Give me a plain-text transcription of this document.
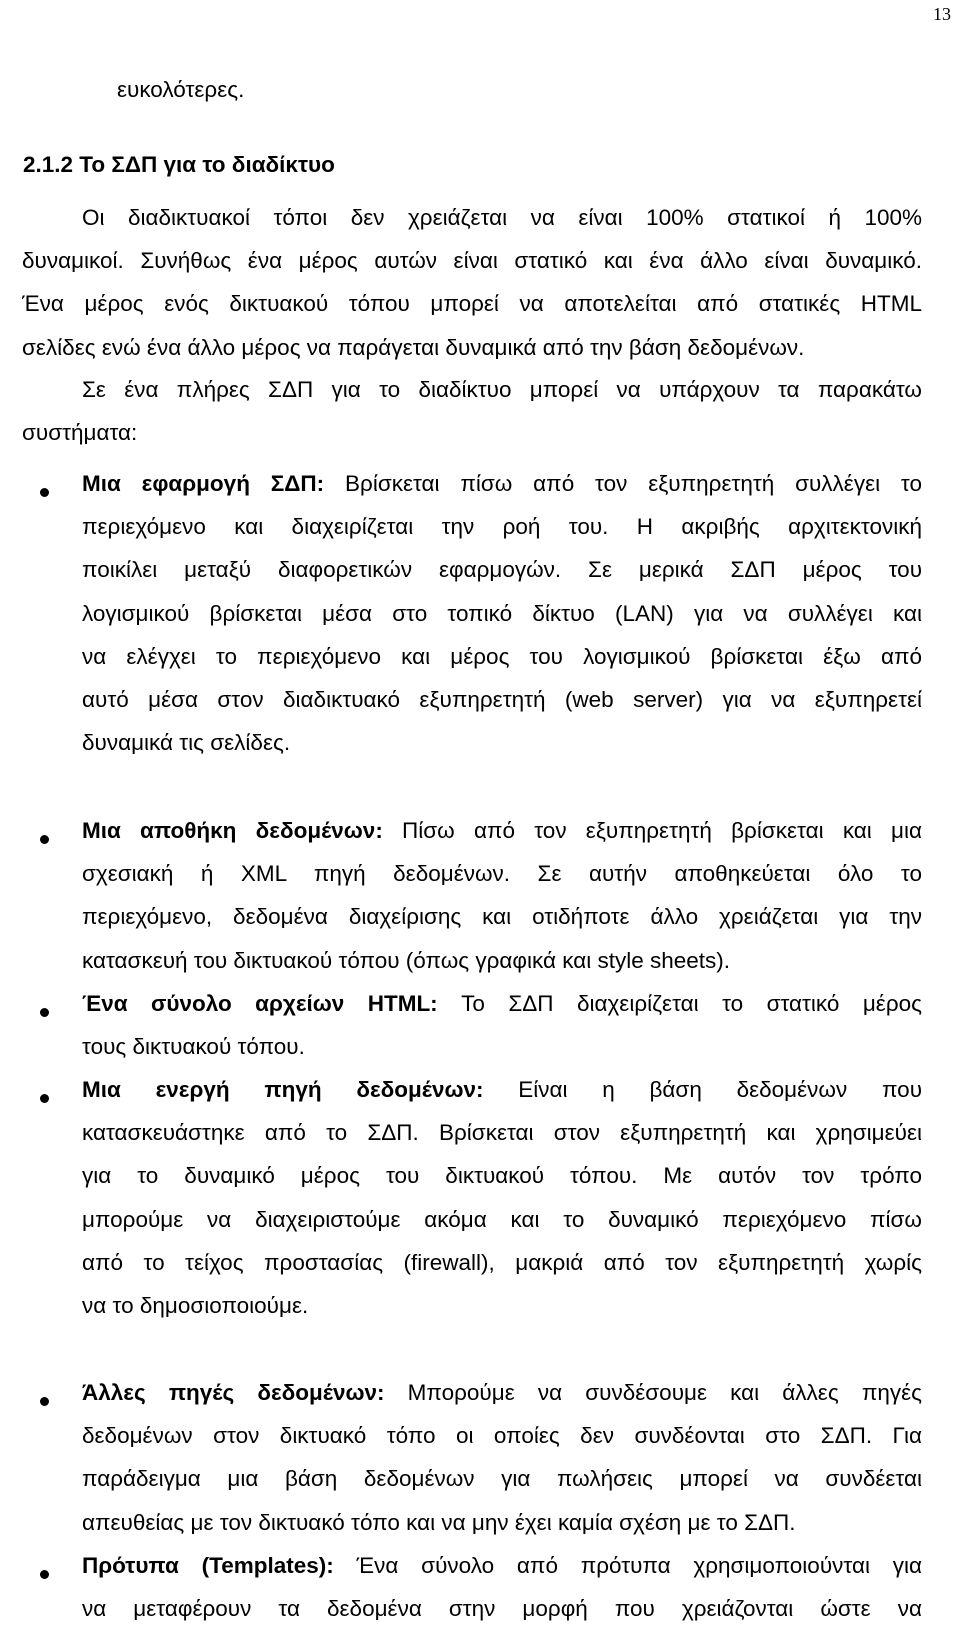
13
ευκολότερες.
2.1.2 Το ΣΔΠ για το διαδίκτυο
Οι διαδικτυακοί τόποι δεν χρειάζεται να είναι 100% στατικοί ή 100%
δυναμικοί. Συνήθως ένα μέρος αυτών είναι στατικό και ένα άλλο είναι δυναμικό.
Ένα μέρος ενός δικτυακού τόπου μπορεί να αποτελείται από στατικές HTML
σελίδες ενώ ένα άλλο μέρος να παράγεται δυναμικά από την βάση δεδομένων.
Σε ένα πλήρες ΣΔΠ για το διαδίκτυο μπορεί να υπάρχουν τα παρακάτω
συστήματα:
Μια εφαρμογή ΣΔΠ: Βρίσκεται πίσω από τον εξυπηρετητή συλλέγει το
περιεχόμενο και διαχειρίζεται την ροή του. Η ακριβής αρχιτεκτονική
ποικίλει μεταξύ διαφορετικών εφαρμογών. Σε μερικά ΣΔΠ μέρος του
λογισμικού βρίσκεται μέσα στο τοπικό δίκτυο (LAN) για να συλλέγει και
να ελέγχει το περιεχόμενο και μέρος του λογισμικού βρίσκεται έξω από
αυτό μέσα στον διαδικτυακό εξυπηρετητή (web server) για να εξυπηρετεί
δυναμικά τις σελίδες.
Μια αποθήκη δεδομένων: Πίσω από τον εξυπηρετητή βρίσκεται και μια
σχεσιακή ή XML πηγή δεδομένων. Σε αυτήν αποθηκεύεται όλο το
περιεχόμενο, δεδομένα διαχείρισης και οτιδήποτε άλλο χρειάζεται για την
κατασκευή του δικτυακού τόπου (όπως γραφικά και style sheets).
Ένα σύνολο αρχείων HTML: Το ΣΔΠ διαχειρίζεται το στατικό μέρος
τους δικτυακού τόπου.
Μια ενεργή πηγή δεδομένων: Είναι η βάση δεδομένων που
κατασκευάστηκε από το ΣΔΠ. Βρίσκεται στον εξυπηρετητή και χρησιμεύει
για το δυναμικό μέρος του δικτυακού τόπου. Με αυτόν τον τρόπο
μπορούμε να διαχειριστούμε ακόμα και το δυναμικό περιεχόμενο πίσω
από το τείχος προστασίας (firewall), μακριά από τον εξυπηρετητή χωρίς
να το δημοσιοποιούμε.
Άλλες πηγές δεδομένων: Μπορούμε να συνδέσουμε και άλλες πηγές
δεδομένων στον δικτυακό τόπο οι οποίες δεν συνδέονται στο ΣΔΠ. Για
παράδειγμα μια βάση δεδομένων για πωλήσεις μπορεί να συνδέεται
απευθείας με τον δικτυακό τόπο και να μην έχει καμία σχέση με το ΣΔΠ.
Πρότυπα (Templates): Ένα σύνολο από πρότυπα χρησιμοποιούνται για
να μεταφέρουν τα δεδομένα στην μορφή που χρειάζονται ώστε να
